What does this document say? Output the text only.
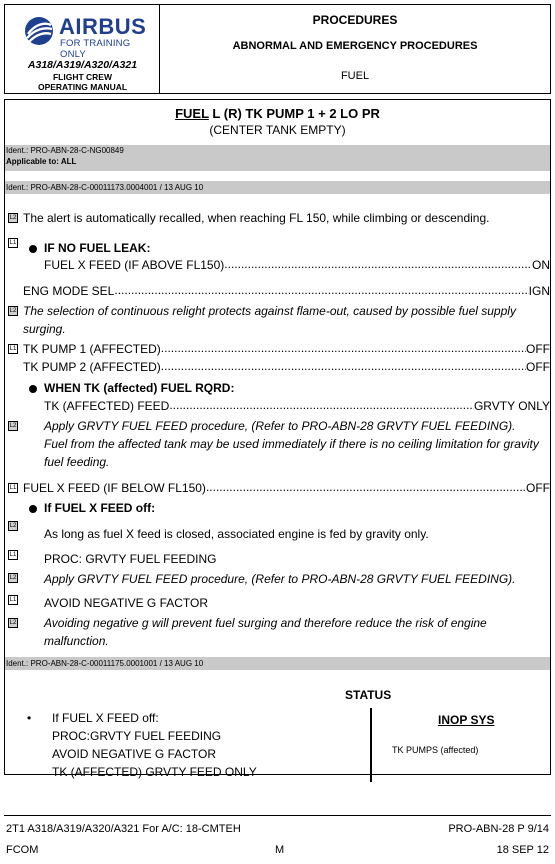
AIRBUS
FOR TRAINING ONLY
A318/A319/A320/A321
FLIGHT CREW
OPERATING MANUAL
PROCEDURES
ABNORMAL AND EMERGENCY PROCEDURES
FUEL
FUEL L (R) TK PUMP 1 + 2 LO PR
(CENTER TANK EMPTY)
Ident.: PRO-ABN-28-C-NG00849
Applicable to: ALL
Ident.: PRO-ABN-28-C-00011173.0004001 / 13 AUG 10
L2 The alert is automatically recalled, when reaching FL 150, while climbing or descending.
L1 IF NO FUEL LEAK:
FUEL X FEED (IF ABOVE FL150) .....	ON
ENG MODE SEL .....	IGN
L2 The selection of continuous relight protects against flame-out, caused by possible fuel supply
surging.
L1 TK PUMP 1 (AFFECTED) .....	OFF
TK PUMP 2 (AFFECTED) .....	OFF
WHEN TK (affected) FUEL RQRD:
TK (AFFECTED) FEED .....	GRVTY ONLY
L2 Apply GRVTY FUEL FEED procedure, (Refer to PRO-ABN-28 GRVTY FUEL FEEDING).
Fuel from the affected tank may be used immediately if there is no ceiling limitation for gravity
fuel feeding.
L1 FUEL X FEED (IF BELOW FL150) .....	OFF
If FUEL X FEED off:
L2
As long as fuel X feed is closed, associated engine is fed by gravity only.
L1 PROC: GRVTY FUEL FEEDING
L2 Apply GRVTY FUEL FEED procedure, (Refer to PRO-ABN-28 GRVTY FUEL FEEDING).
L1 AVOID NEGATIVE G FACTOR
L2 Avoiding negative g will prevent fuel surging and therefore reduce the risk of engine
malfunction.
Ident.: PRO-ABN-28-C-00011175.0001001 / 13 AUG 10
STATUS
• If FUEL X FEED off:
PROC:GRVTY FUEL FEEDING
AVOID NEGATIVE G FACTOR
TK (AFFECTED) GRVTY FEED ONLY
INOP SYS
TK PUMPS (affected)
2T1 A318/A319/A320/A321 For A/C: 18-CMTEH	PRO-ABN-28 P 9/14
FCOM	M	18 SEP 12
